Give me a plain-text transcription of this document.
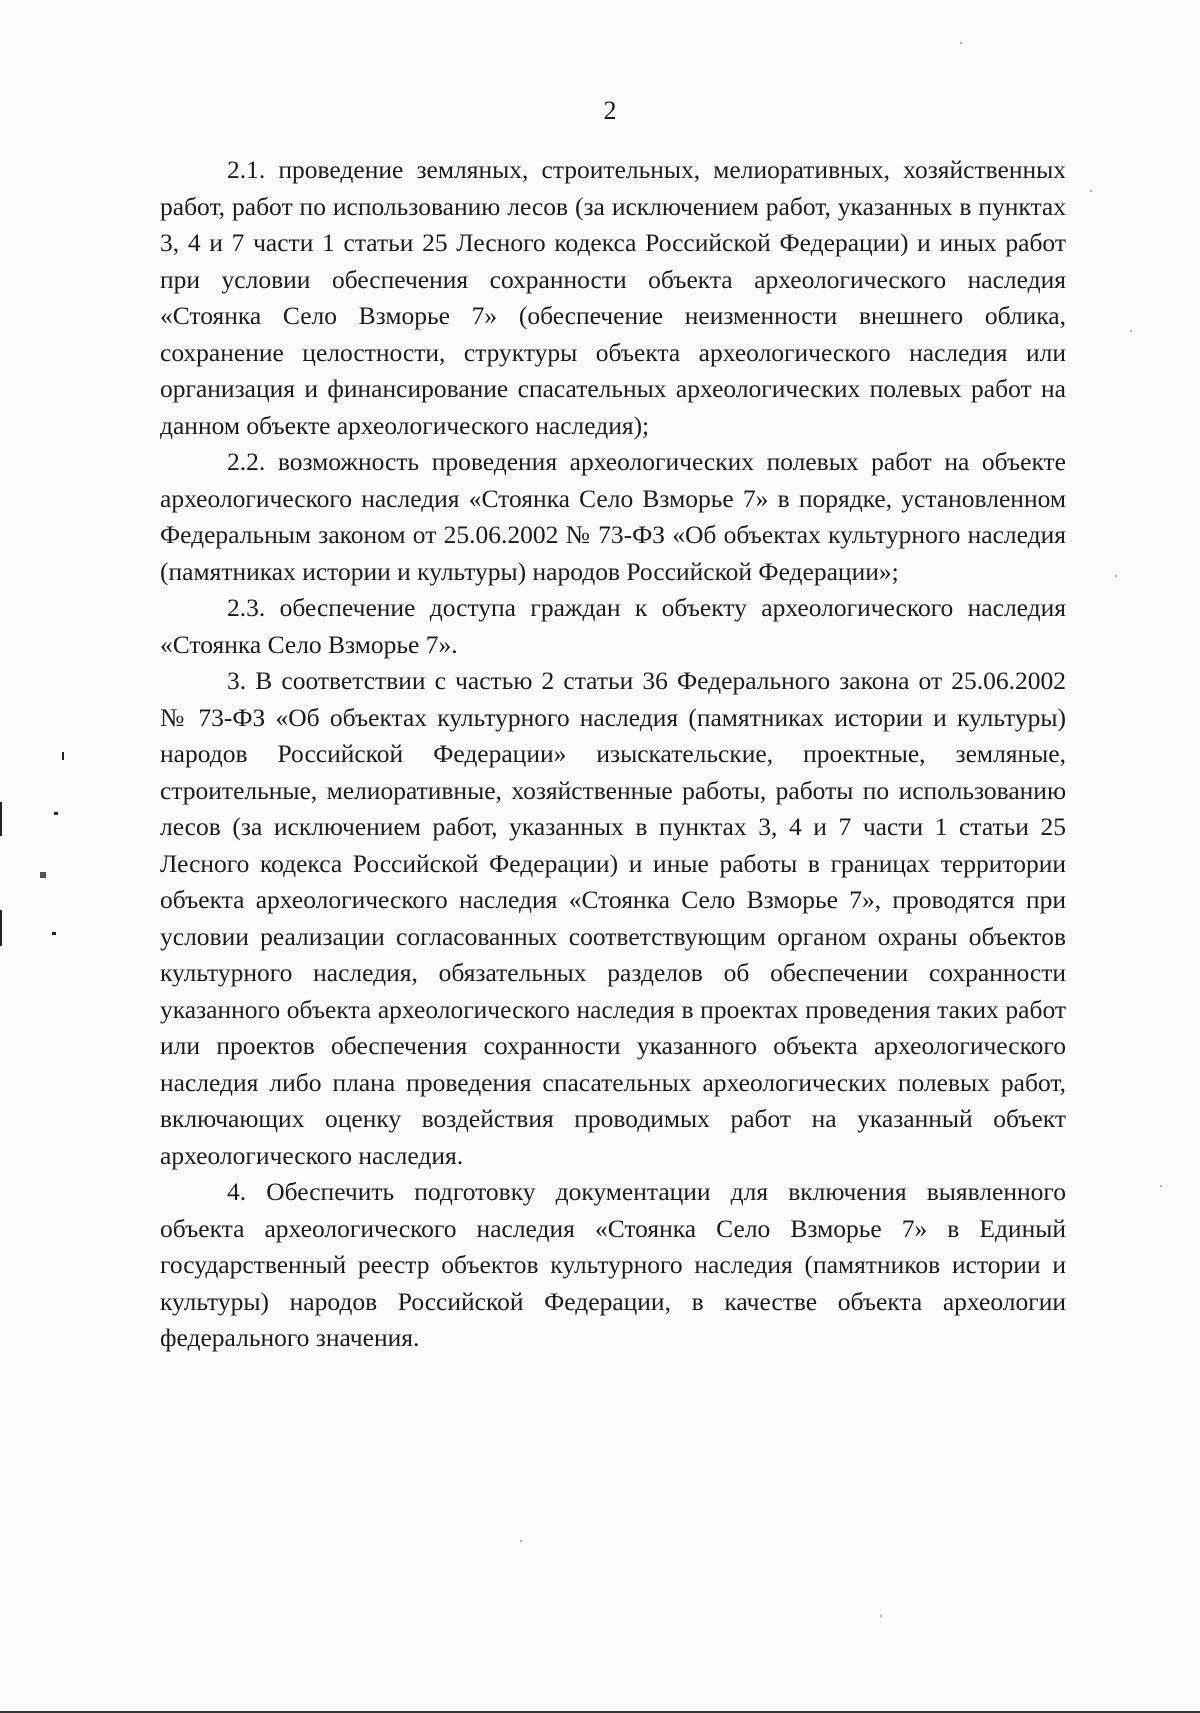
2

2.1. проведение земляных, строительных, мелиоративных, хозяйственных работ, работ по использованию лесов (за исключением работ, указанных в пунктах 3, 4 и 7 части 1 статьи 25 Лесного кодекса Российской Федерации) и иных работ при условии обеспечения сохранности объекта археологического наследия «Стоянка Село Взморье 7» (обеспечение неизменности внешнего облика, сохранение целостности, структуры объекта археологического наследия или организация и финансирование спасательных археологических полевых работ на данном объекте археологического наследия);

2.2. возможность проведения археологических полевых работ на объекте археологического наследия «Стоянка Село Взморье 7» в порядке, установленном Федеральным законом от 25.06.2002 № 73-ФЗ «Об объектах культурного наследия (памятниках истории и культуры) народов Российской Федерации»;

2.3. обеспечение доступа граждан к объекту археологического наследия «Стоянка Село Взморье 7».

3. В соответствии с частью 2 статьи 36 Федерального закона от 25.06.2002 № 73-ФЗ «Об объектах культурного наследия (памятниках истории и культуры) народов Российской Федерации» изыскательские, проектные, земляные, строительные, мелиоративные, хозяйственные работы, работы по использованию лесов (за исключением работ, указанных в пунктах 3, 4 и 7 части 1 статьи 25 Лесного кодекса Российской Федерации) и иные работы в границах территории объекта археологического наследия «Стоянка Село Взморье 7», проводятся при условии реализации согласованных соответствующим органом охраны объектов культурного наследия, обязательных разделов об обеспечении сохранности указанного объекта археологического наследия в проектах проведения таких работ или проектов обеспечения сохранности указанного объекта археологического наследия либо плана проведения спасательных археологических полевых работ, включающих оценку воздействия проводимых работ на указанный объект археологического наследия.

4. Обеспечить подготовку документации для включения выявленного объекта археологического наследия «Стоянка Село Взморье 7» в Единый государственный реестр объектов культурного наследия (памятников истории и культуры) народов Российской Федерации, в качестве объекта археологии федерального значения.
